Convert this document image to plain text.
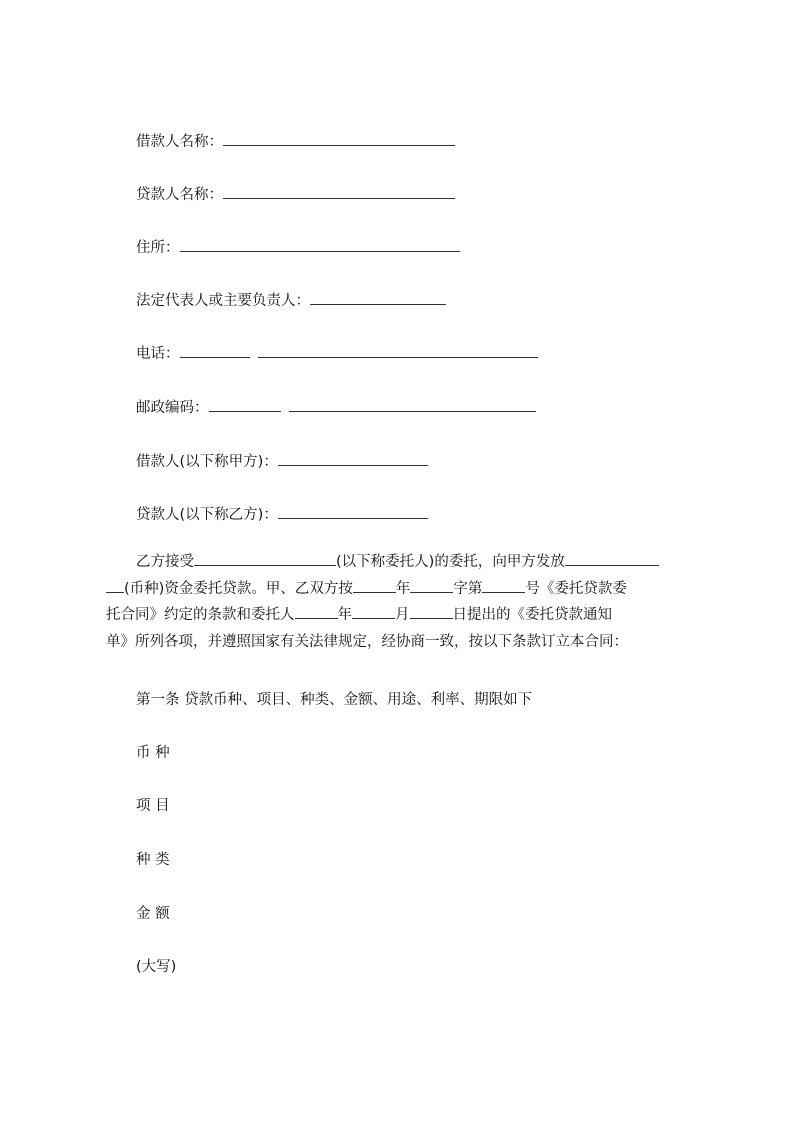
借款人名称：
贷款人名称：
住所：
法定代表人或主要负责人：
电话：
邮政编码：
借款人(以下称甲方)：
贷款人(以下称乙方)：
乙方接受	(以下称委托人)的委托，向甲方发放
(币种)资金委托贷款。甲、乙双方按	年	字第	号《委托贷款委
托合同》约定的条款和委托人	年	月	日提出的《委托贷款通知
单》所列各项，并遵照国家有关法律规定，经协商一致，按以下条款订立本合同：
第一条 贷款币种、项目、种类、金额、用途、利率、期限如下
币 种
项 目
种 类
金 额
(大写)
